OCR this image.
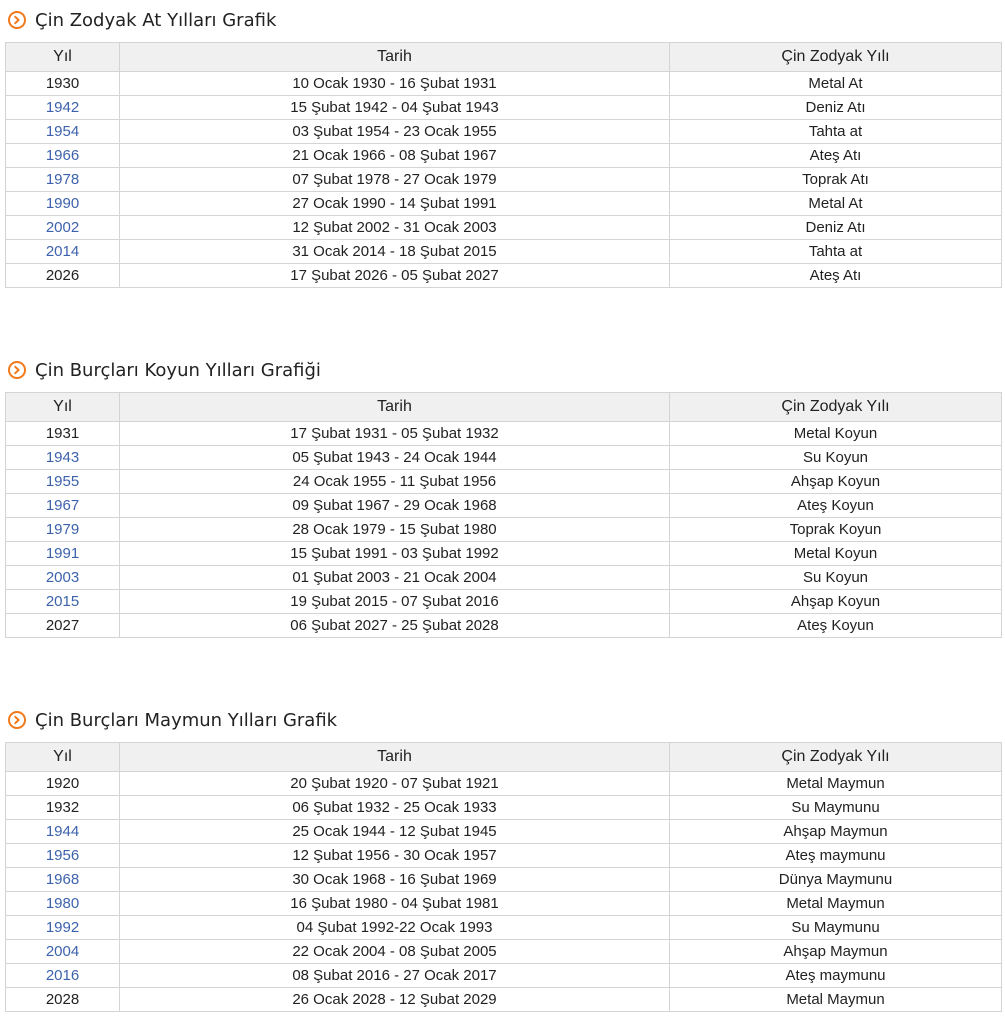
Çin Zodyak At Yılları Grafik
Yıl	Tarih	Çin Zodyak Yılı
1930	10 Ocak 1930 - 16 Şubat 1931	Metal At
1942	15 Şubat 1942 - 04 Şubat 1943	Deniz Atı
1954	03 Şubat 1954 - 23 Ocak 1955	Tahta at
1966	21 Ocak 1966 - 08 Şubat 1967	Ateş Atı
1978	07 Şubat 1978 - 27 Ocak 1979	Toprak Atı
1990	27 Ocak 1990 - 14 Şubat 1991	Metal At
2002	12 Şubat 2002 - 31 Ocak 2003	Deniz Atı
2014	31 Ocak 2014 - 18 Şubat 2015	Tahta at
2026	17 Şubat 2026 - 05 Şubat 2027	Ateş Atı
Çin Burçları Koyun Yılları Grafiği
Yıl	Tarih	Çin Zodyak Yılı
1931	17 Şubat 1931 - 05 Şubat 1932	Metal Koyun
1943	05 Şubat 1943 - 24 Ocak 1944	Su Koyun
1955	24 Ocak 1955 - 11 Şubat 1956	Ahşap Koyun
1967	09 Şubat 1967 - 29 Ocak 1968	Ateş Koyun
1979	28 Ocak 1979 - 15 Şubat 1980	Toprak Koyun
1991	15 Şubat 1991 - 03 Şubat 1992	Metal Koyun
2003	01 Şubat 2003 - 21 Ocak 2004	Su Koyun
2015	19 Şubat 2015 - 07 Şubat 2016	Ahşap Koyun
2027	06 Şubat 2027 - 25 Şubat 2028	Ateş Koyun
Çin Burçları Maymun Yılları Grafik
Yıl	Tarih	Çin Zodyak Yılı
1920	20 Şubat 1920 - 07 Şubat 1921	Metal Maymun
1932	06 Şubat 1932 - 25 Ocak 1933	Su Maymunu
1944	25 Ocak 1944 - 12 Şubat 1945	Ahşap Maymun
1956	12 Şubat 1956 - 30 Ocak 1957	Ateş maymunu
1968	30 Ocak 1968 - 16 Şubat 1969	Dünya Maymunu
1980	16 Şubat 1980 - 04 Şubat 1981	Metal Maymun
1992	04 Şubat 1992-22 Ocak 1993	Su Maymunu
2004	22 Ocak 2004 - 08 Şubat 2005	Ahşap Maymun
2016	08 Şubat 2016 - 27 Ocak 2017	Ateş maymunu
2028	26 Ocak 2028 - 12 Şubat 2029	Metal Maymun
